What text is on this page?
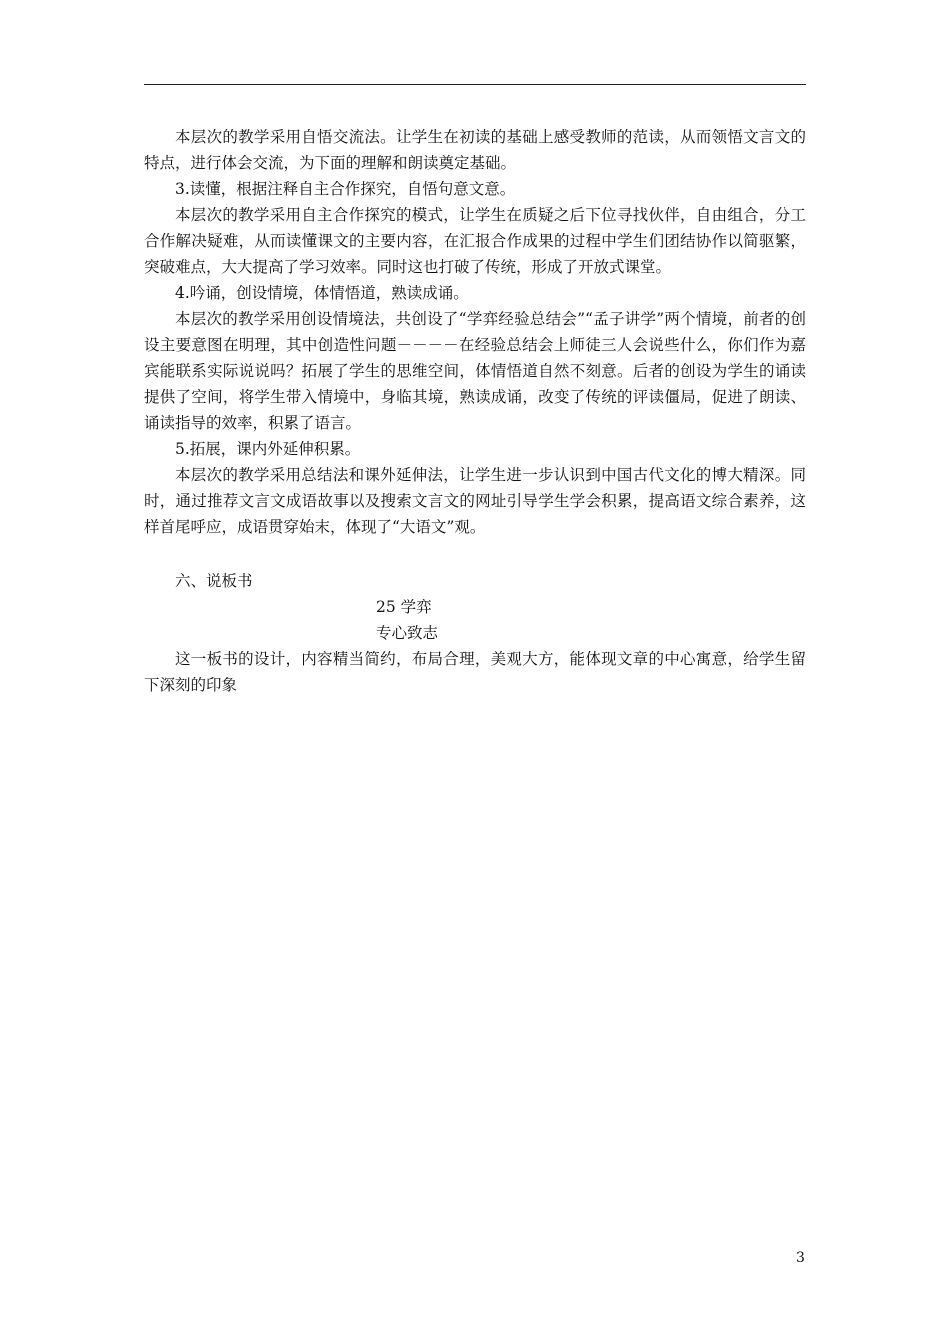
本层次的教学采用自悟交流法。让学生在初读的基础上感受教师的范读，从而领悟文言文的特点，进行体会交流，为下面的理解和朗读奠定基础。

3.读懂，根据注释自主合作探究，自悟句意文意。

本层次的教学采用自主合作探究的模式，让学生在质疑之后下位寻找伙伴，自由组合，分工合作解决疑难，从而读懂课文的主要内容，在汇报合作成果的过程中学生们团结协作以简驱繁，突破难点，大大提高了学习效率。同时这也打破了传统，形成了开放式课堂。

4.吟诵，创设情境，体情悟道，熟读成诵。

本层次的教学采用创设情境法，共创设了“学弈经验总结会”“孟子讲学”两个情境，前者的创设主要意图在明理，其中创造性问题－－－－在经验总结会上师徒三人会说些什么，你们作为嘉宾能联系实际说说吗？拓展了学生的思维空间，体情悟道自然不刻意。后者的创设为学生的诵读提供了空间，将学生带入情境中，身临其境，熟读成诵，改变了传统的评读僵局，促进了朗读、诵读指导的效率，积累了语言。

5.拓展，课内外延伸积累。

本层次的教学采用总结法和课外延伸法，让学生进一步认识到中国古代文化的博大精深。同时，通过推荐文言文成语故事以及搜索文言文的网址引导学生学会积累，提高语文综合素养，这样首尾呼应，成语贯穿始末，体现了“大语文”观。

六、说板书

25 学弈

专心致志

这一板书的设计，内容精当简约，布局合理，美观大方，能体现文章的中心寓意，给学生留下深刻的印象

3
